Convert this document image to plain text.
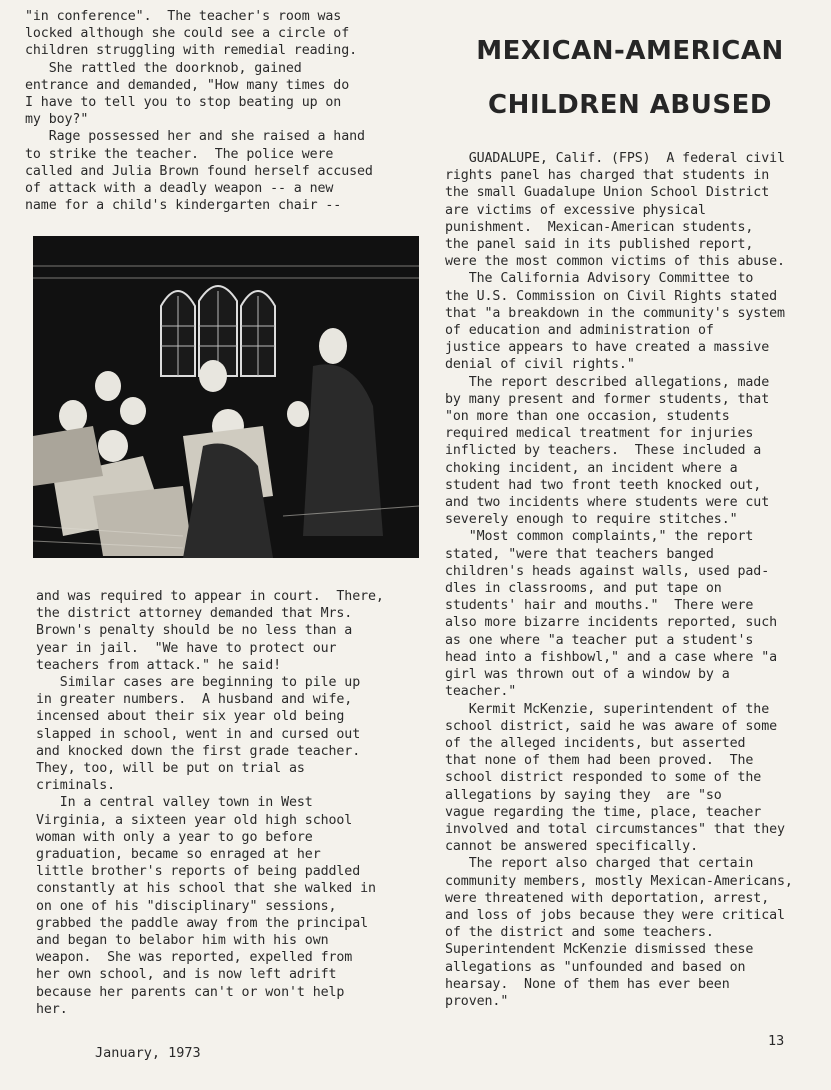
"in conference".  The teacher's room was
locked although she could see a circle of
children struggling with remedial reading.
She rattled the doorknob, gained
entrance and demanded, "How many times do
I have to tell you to stop beating up on
my boy?"
Rage possessed her and she raised a hand
to strike the teacher.  The police were
called and Julia Brown found herself accused
of attack with a deadly weapon -- a new
name for a child's kindergarten chair --
and was required to appear in court.  There,
the district attorney demanded that Mrs.
Brown's penalty should be no less than a
year in jail.  "We have to protect our
teachers from attack." he said!
Similar cases are beginning to pile up
in greater numbers.  A husband and wife,
incensed about their six year old being
slapped in school, went in and cursed out
and knocked down the first grade teacher.
They, too, will be put on trial as
criminals.
In a central valley town in West
Virginia, a sixteen year old high school
woman with only a year to go before
graduation, became so enraged at her
little brother's reports of being paddled
constantly at his school that she walked in
on one of his "disciplinary" sessions,
grabbed the paddle away from the principal
and began to belabor him with his own
weapon.  She was reported, expelled from
her own school, and is now left adrift
because her parents can't or won't help
her.
MEXICAN-AMERICAN
CHILDREN ABUSED
GUADALUPE, Calif. (FPS)  A federal civil
rights panel has charged that students in
the small Guadalupe Union School District
are victims of excessive physical
punishment.  Mexican-American students,
the panel said in its published report,
were the most common victims of this abuse.
The California Advisory Committee to
the U.S. Commission on Civil Rights stated
that "a breakdown in the community's system
of education and administration of
justice appears to have created a massive
denial of civil rights."
The report described allegations, made
by many present and former students, that
"on more than one occasion, students
required medical treatment for injuries
inflicted by teachers.  These included a
choking incident, an incident where a
student had two front teeth knocked out,
and two incidents where students were cut
severely enough to require stitches."
"Most common complaints," the report
stated, "were that teachers banged
children's heads against walls, used pad-
dles in classrooms, and put tape on
students' hair and mouths."  There were
also more bizarre incidents reported, such
as one where "a teacher put a student's
head into a fishbowl," and a case where "a
girl was thrown out of a window by a
teacher."
Kermit McKenzie, superintendent of the
school district, said he was aware of some
of the alleged incidents, but asserted
that none of them had been proved.  The
school district responded to some of the
allegations by saying they  are "so
vague regarding the time, place, teacher
involved and total circumstances" that they
cannot be answered specifically.
The report also charged that certain
community members, mostly Mexican-Americans,
were threatened with deportation, arrest,
and loss of jobs because they were critical
of the district and some teachers.
Superintendent McKenzie dismissed these
allegations as "unfounded and based on
hearsay.  None of them has ever been
proven."
January, 1973
13
